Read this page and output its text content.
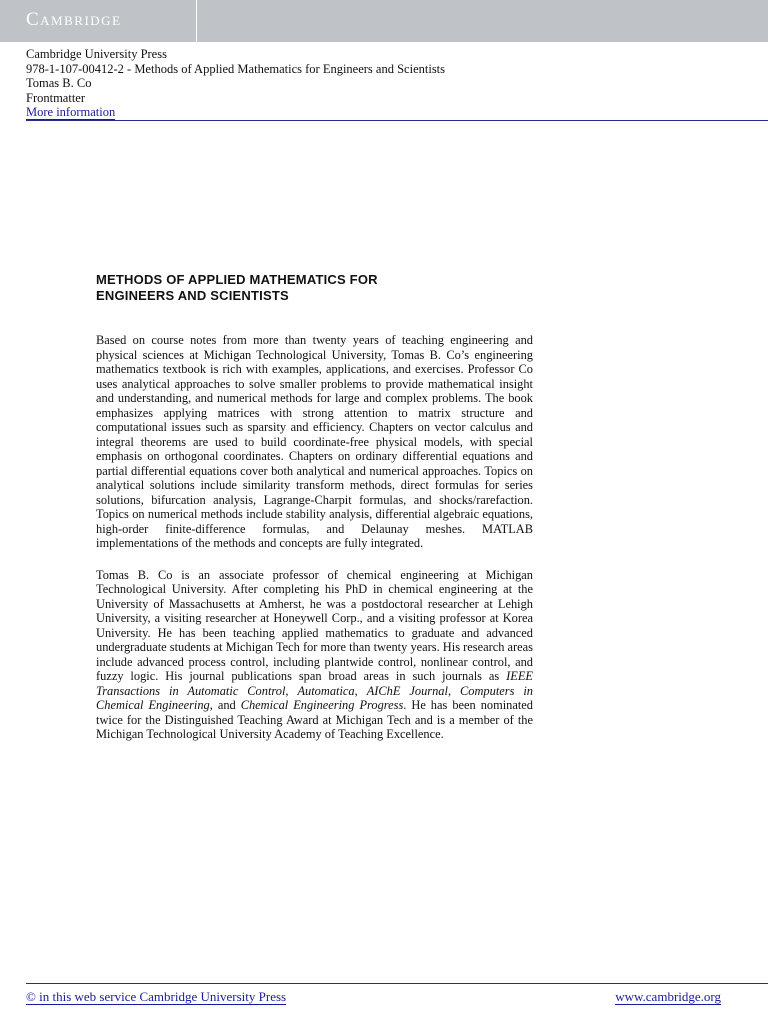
Cambridge
Cambridge University Press
978-1-107-00412-2 - Methods of Applied Mathematics for Engineers and Scientists
Tomas B. Co
Frontmatter
More information
METHODS OF APPLIED MATHEMATICS FOR
ENGINEERS AND SCIENTISTS

Based on course notes from more than twenty years of teaching engineering and physical sciences at Michigan Technological University, Tomas B. Co’s engineering mathematics textbook is rich with examples, applications, and exercises. Professor Co uses analytical approaches to solve smaller problems to provide mathematical insight and understanding, and numerical methods for large and complex problems. The book emphasizes applying matrices with strong attention to matrix structure and computational issues such as sparsity and efficiency. Chapters on vector calculus and integral theorems are used to build coordinate-free physical models, with special emphasis on orthogonal coordinates. Chapters on ordinary differential equations and partial differential equations cover both analytical and numerical approaches. Topics on analytical solutions include similarity transform methods, direct formulas for series solutions, bifurcation analysis, Lagrange-Charpit formulas, and shocks/rarefaction. Topics on numerical methods include stability analysis, differential algebraic equations, high-order finite-difference formulas, and Delaunay meshes. MATLAB implementations of the methods and concepts are fully integrated.

Tomas B. Co is an associate professor of chemical engineering at Michigan Technological University. After completing his PhD in chemical engineering at the University of Massachusetts at Amherst, he was a postdoctoral researcher at Lehigh University, a visiting researcher at Honeywell Corp., and a visiting professor at Korea University. He has been teaching applied mathematics to graduate and advanced undergraduate students at Michigan Tech for more than twenty years. His research areas include advanced process control, including plantwide control, nonlinear control, and fuzzy logic. His journal publications span broad areas in such journals as IEEE Transactions in Automatic Control, Automatica, AIChE Journal, Computers in Chemical Engineering, and Chemical Engineering Progress. He has been nominated twice for the Distinguished Teaching Award at Michigan Tech and is a member of the Michigan Technological University Academy of Teaching Excellence.

© in this web service Cambridge University Press	www.cambridge.org
